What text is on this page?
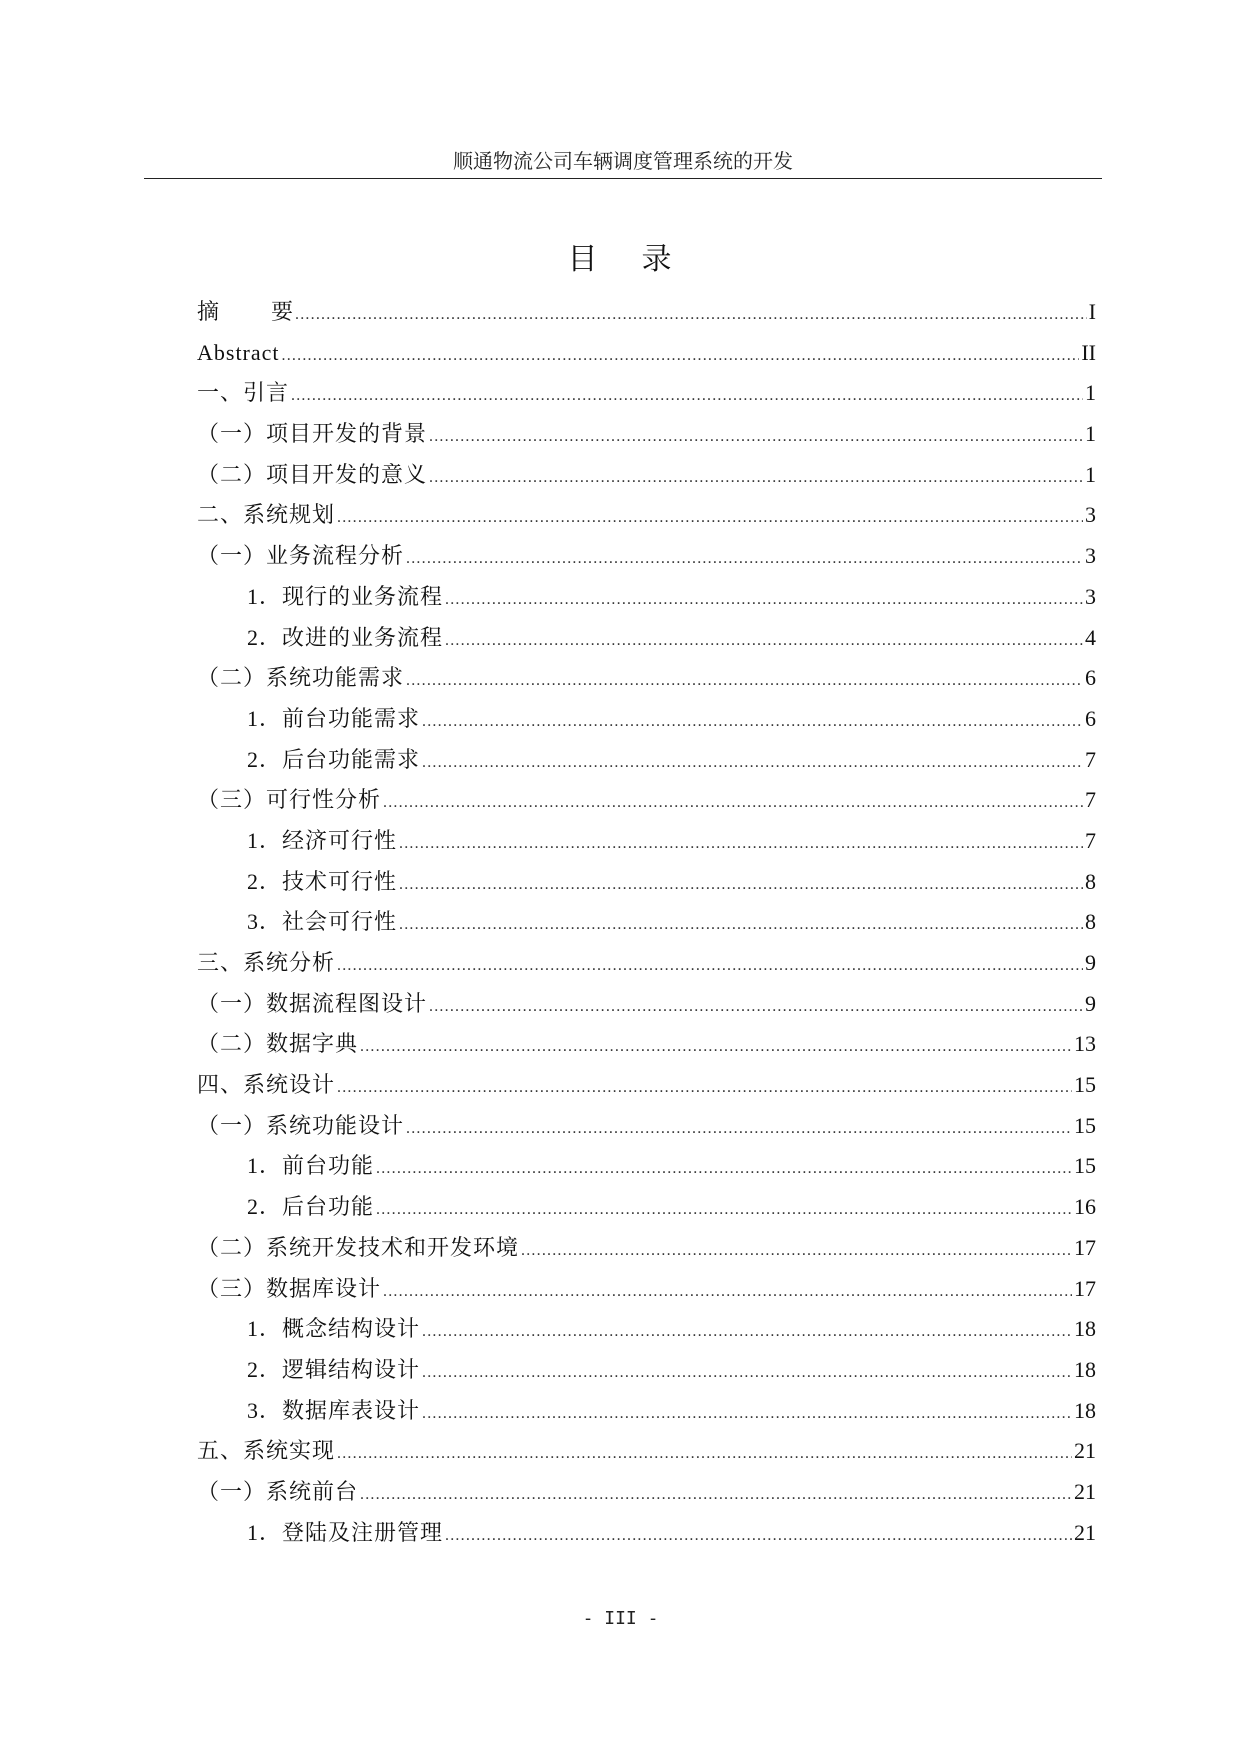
顺通物流公司车辆调度管理系统的开发
目 录
摘 要 .....	I
Abstract .....	II
一、引言 .....	1
（一）项目开发的背景 .....	1
（二）项目开发的意义 .....	1
二、系统规划 .....	3
（一）业务流程分析 .....	3
1．现行的业务流程 .....	3
2．改进的业务流程 .....	4
（二）系统功能需求 .....	6
1．前台功能需求 .....	6
2．后台功能需求 .....	7
（三）可行性分析 .....	7
1．经济可行性 .....	7
2．技术可行性 .....	8
3．社会可行性 .....	8
三、系统分析 .....	9
（一）数据流程图设计 .....	9
（二）数据字典 .....	13
四、系统设计 .....	15
（一）系统功能设计 .....	15
1．前台功能 .....	15
2．后台功能 .....	16
（二）系统开发技术和开发环境 .....	17
（三）数据库设计 .....	17
1．概念结构设计 .....	18
2．逻辑结构设计 .....	18
3．数据库表设计 .....	18
五、系统实现 .....	21
（一）系统前台 .....	21
1．登陆及注册管理 .....	21
- III -
